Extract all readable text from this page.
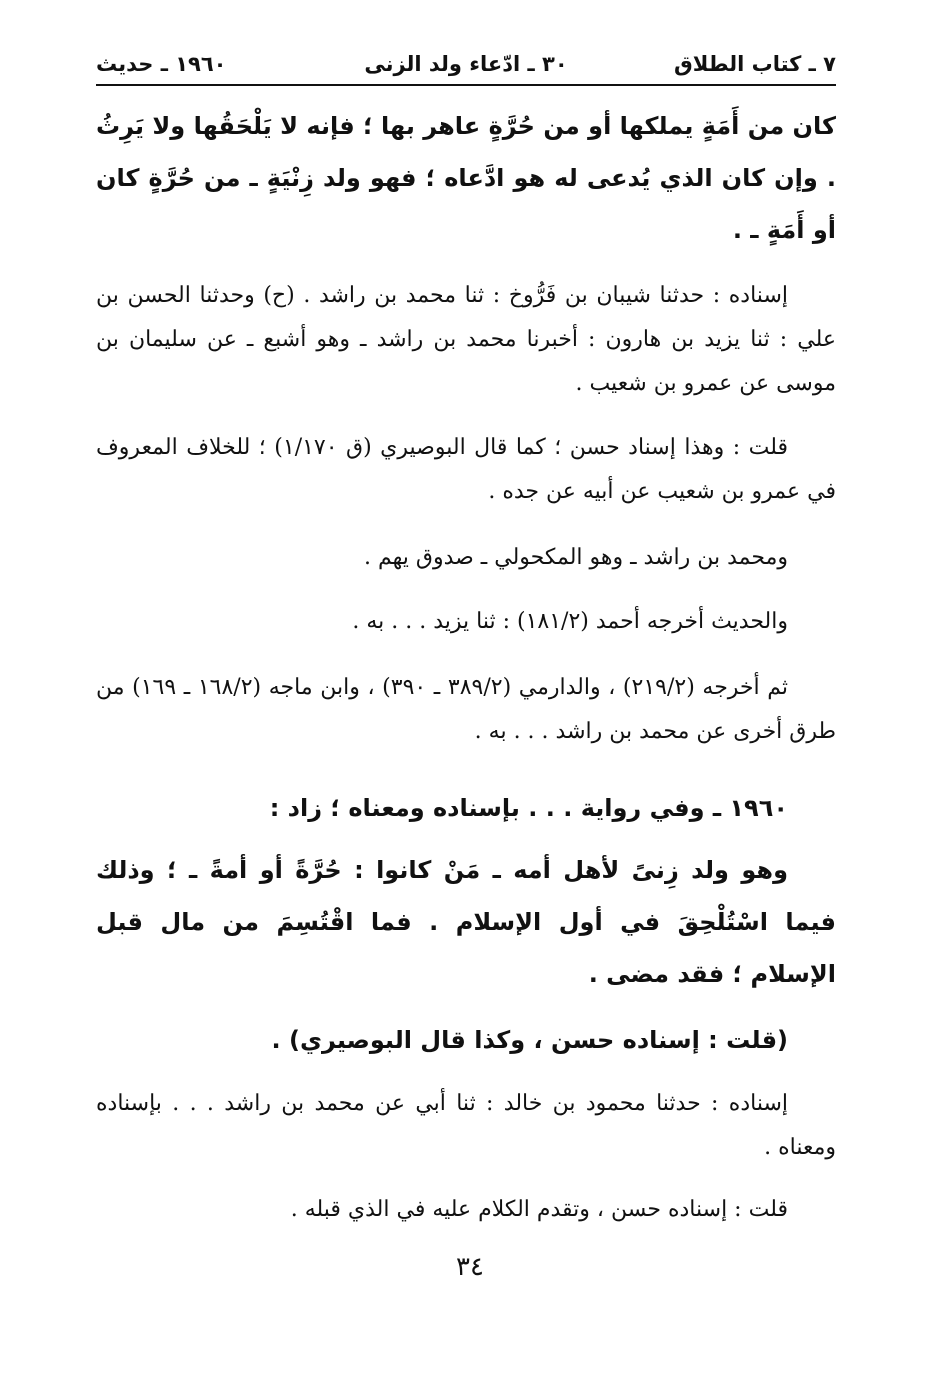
٧ ـ كتاب الطلاق
٣٠ ـ ادّعاء ولد الزنى
١٩٦٠ ـ حديث

كان من أَمَةٍ يملكها أو من حُرَّةٍ عاهر بها ؛ فإنه لا يَلْحَقُها ولا يَرِثُ . وإن كان الذي يُدعى له هو ادَّعاه ؛ فهو ولد زِنْيَةٍ ـ من حُرَّةٍ كان أو أَمَةٍ ـ .

إسناده : حدثنا شيبان بن فَرُّوخ : ثنا محمد بن راشد . (ح) وحدثنا الحسن بن علي : ثنا يزيد بن هارون : أخبرنا محمد بن راشد ـ وهو أشبع ـ عن سليمان بن موسى عن عمرو بن شعيب .

قلت : وهذا إسناد حسن ؛ كما قال البوصيري (ق ١/١٧٠) ؛ للخلاف المعروف في عمرو بن شعيب عن أبيه عن جده .

ومحمد بن راشد ـ وهو المكحولي ـ صدوق يهم .

والحديث أخرجه أحمد (١٨١/٢) : ثنا يزيد . . . به .

ثم أخرجه (٢١٩/٢) ، والدارمي (٣٨٩/٢ ـ ٣٩٠) ، وابن ماجه (١٦٨/٢ ـ ١٦٩) من طرق أخرى عن محمد بن راشد . . . به .

١٩٦٠ ـ وفي رواية . . . بإسناده ومعناه ؛ زاد :

وهو ولد زِنىً لأهل أمه ـ مَنْ كانوا : حُرَّةً أو أمةً ـ ؛ وذلك فيما اسْتُلْحِقَ في أول الإسلام . فما اقْتُسِمَ من مال قبل الإسلام ؛ فقد مضى .

(قلت : إسناده حسن ، وكذا قال البوصيري) .

إسناده : حدثنا محمود بن خالد : ثنا أبي عن محمد بن راشد . . . بإسناده ومعناه .

قلت : إسناده حسن ، وتقدم الكلام عليه في الذي قبله .

٣٤
